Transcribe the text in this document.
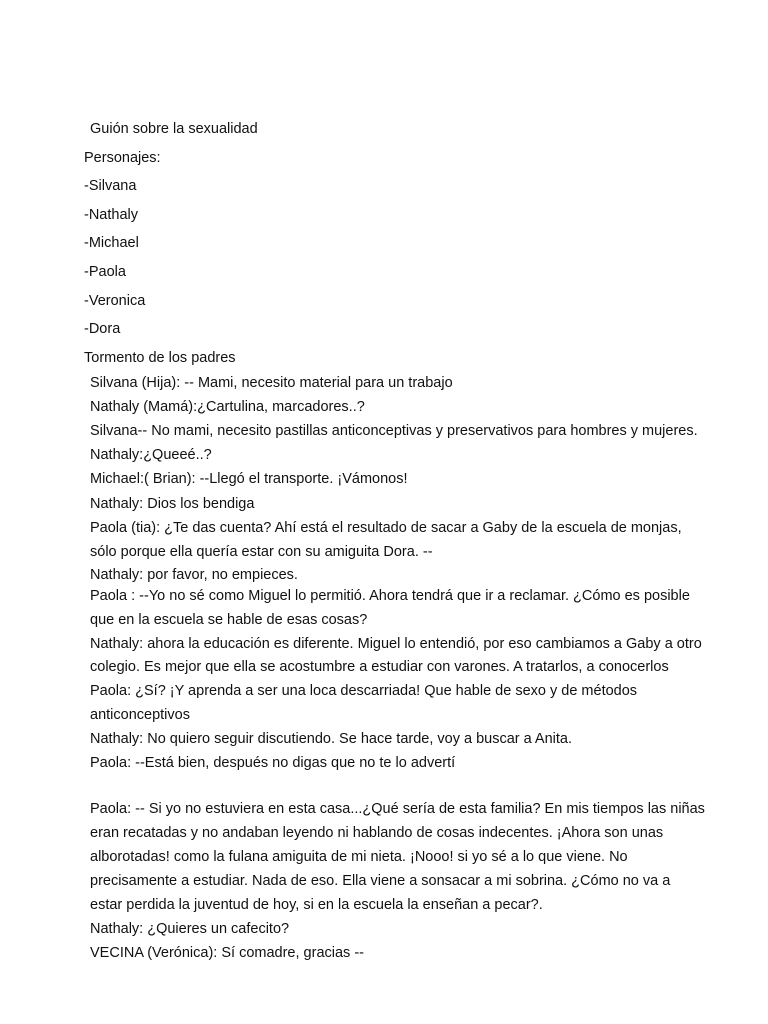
Guión sobre la sexualidad
Personajes:
-Silvana
-Nathaly
-Michael
-Paola
-Veronica
-Dora
Tormento de los padres
Silvana (Hija): -- Mami, necesito material para un trabajo
Nathaly (Mamá):¿Cartulina, marcadores..?
Silvana-- No mami, necesito pastillas anticonceptivas y preservativos para hombres y mujeres.
Nathaly:¿Queeé..?
Michael:( Brian): --Llegó el transporte. ¡Vámonos!
Nathaly: Dios los bendiga
Paola (tia): ¿Te das cuenta? Ahí está el resultado de sacar a Gaby de la escuela de monjas,
sólo porque ella quería estar con su amiguita Dora. --
Nathaly: por favor, no empieces.
Paola : --Yo no sé como Miguel lo permitió. Ahora tendrá que ir a reclamar. ¿Cómo es posible
que en la escuela se hable de esas cosas?
Nathaly: ahora la educación es diferente. Miguel lo entendió, por eso cambiamos a Gaby a otro
colegio. Es mejor que ella se acostumbre a estudiar con varones. A tratarlos, a conocerlos
Paola: ¿Sí? ¡Y aprenda a ser una loca descarriada! Que hable de sexo y de métodos
anticonceptivos
Nathaly: No quiero seguir discutiendo. Se hace tarde, voy a buscar a Anita.
Paola: --Está bien, después no digas que no te lo advertí
Paola: -- Si yo no estuviera en esta casa...¿Qué sería de esta familia? En mis tiempos las niñas
eran recatadas y no andaban leyendo ni hablando de cosas indecentes. ¡Ahora son unas
alborotadas! como la fulana amiguita de mi nieta. ¡Nooo! si yo sé a lo que viene. No
precisamente a estudiar. Nada de eso. Ella viene a sonsacar a mi sobrina. ¿Cómo no va a
estar perdida la juventud de hoy, si en la escuela la enseñan a pecar?.
Nathaly: ¿Quieres un cafecito?
VECINA (Verónica): Sí comadre, gracias --
